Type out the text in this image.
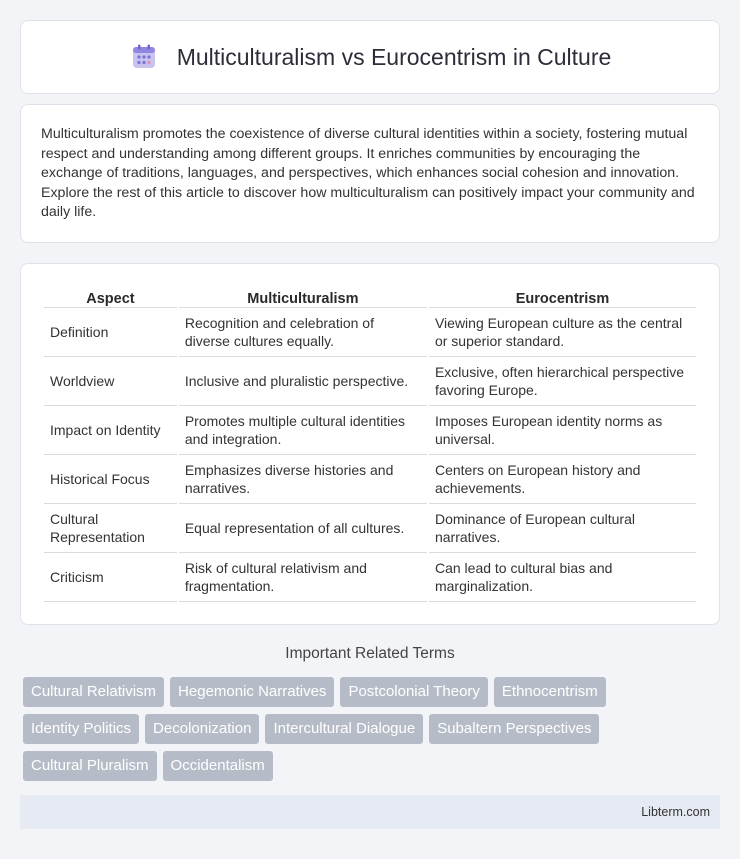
Multiculturalism vs Eurocentrism in Culture

Multiculturalism promotes the coexistence of diverse cultural identities within a society, fostering mutual respect and understanding among different groups. It enriches communities by encouraging the exchange of traditions, languages, and perspectives, which enhances social cohesion and innovation. Explore the rest of this article to discover how multiculturalism can positively impact your community and daily life.

Aspect	Multiculturalism	Eurocentrism
Definition	Recognition and celebration of diverse cultures equally.	Viewing European culture as the central or superior standard.
Worldview	Inclusive and pluralistic perspective.	Exclusive, often hierarchical perspective favoring Europe.
Impact on Identity	Promotes multiple cultural identities and integration.	Imposes European identity norms as universal.
Historical Focus	Emphasizes diverse histories and narratives.	Centers on European history and achievements.
Cultural Representation	Equal representation of all cultures.	Dominance of European cultural narratives.
Criticism	Risk of cultural relativism and fragmentation.	Can lead to cultural bias and marginalization.
Important Related Terms
Cultural Relativism	Hegemonic Narratives	Postcolonial Theory	Ethnocentrism
Identity Politics	Decolonization	Intercultural Dialogue	Subaltern Perspectives
Cultural Pluralism	Occidentalism
Libterm.com
